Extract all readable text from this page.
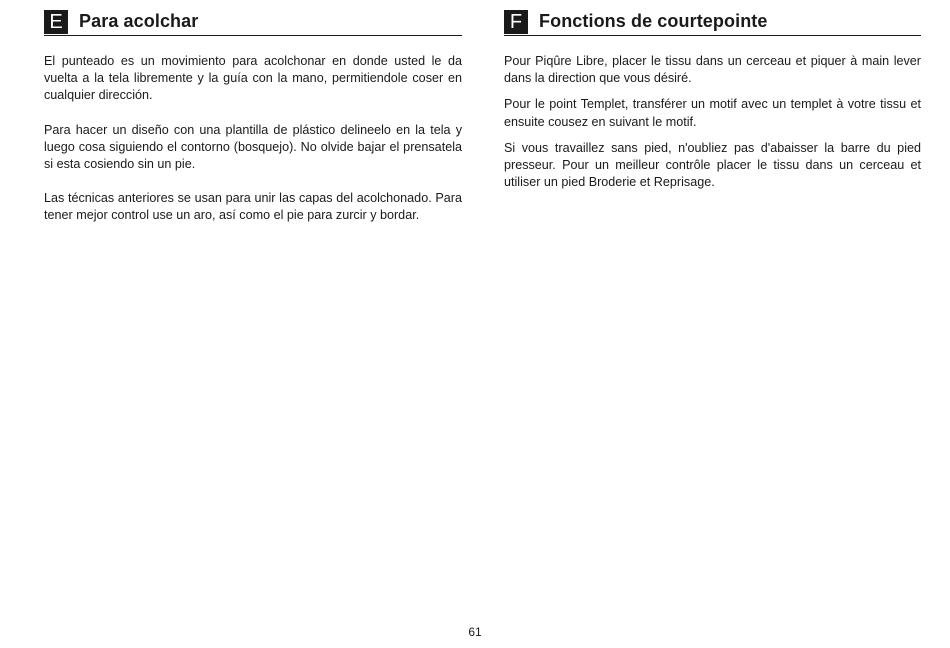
E Para acolchar

El punteado es un movimiento para acolchonar en donde usted le da vuelta a la tela libremente y la guía con la mano, permitiendole coser en cualquier dirección.

Para hacer un diseño con una plantilla de plástico delineelo en la tela y luego cosa siguiendo el contorno (bosquejo). No olvide bajar el prensatela si esta cosiendo sin un pie.

Las técnicas anteriores se usan para unir las capas del acolchonado. Para tener mejor control use un aro, así como el pie para zurcir y bordar.

F Fonctions de courtepointe

Pour Piqûre Libre, placer le tissu dans un cerceau et piquer à main lever dans la direction que vous désiré.

Pour le point Templet, transférer un motif avec un templet à votre tissu et ensuite cousez en suivant le motif.

Si vous travaillez sans pied, n'oubliez pas d'abaisser la barre du pied presseur. Pour un meilleur contrôle placer le tissu dans un cerceau et utiliser un pied Broderie et Reprisage.

61
